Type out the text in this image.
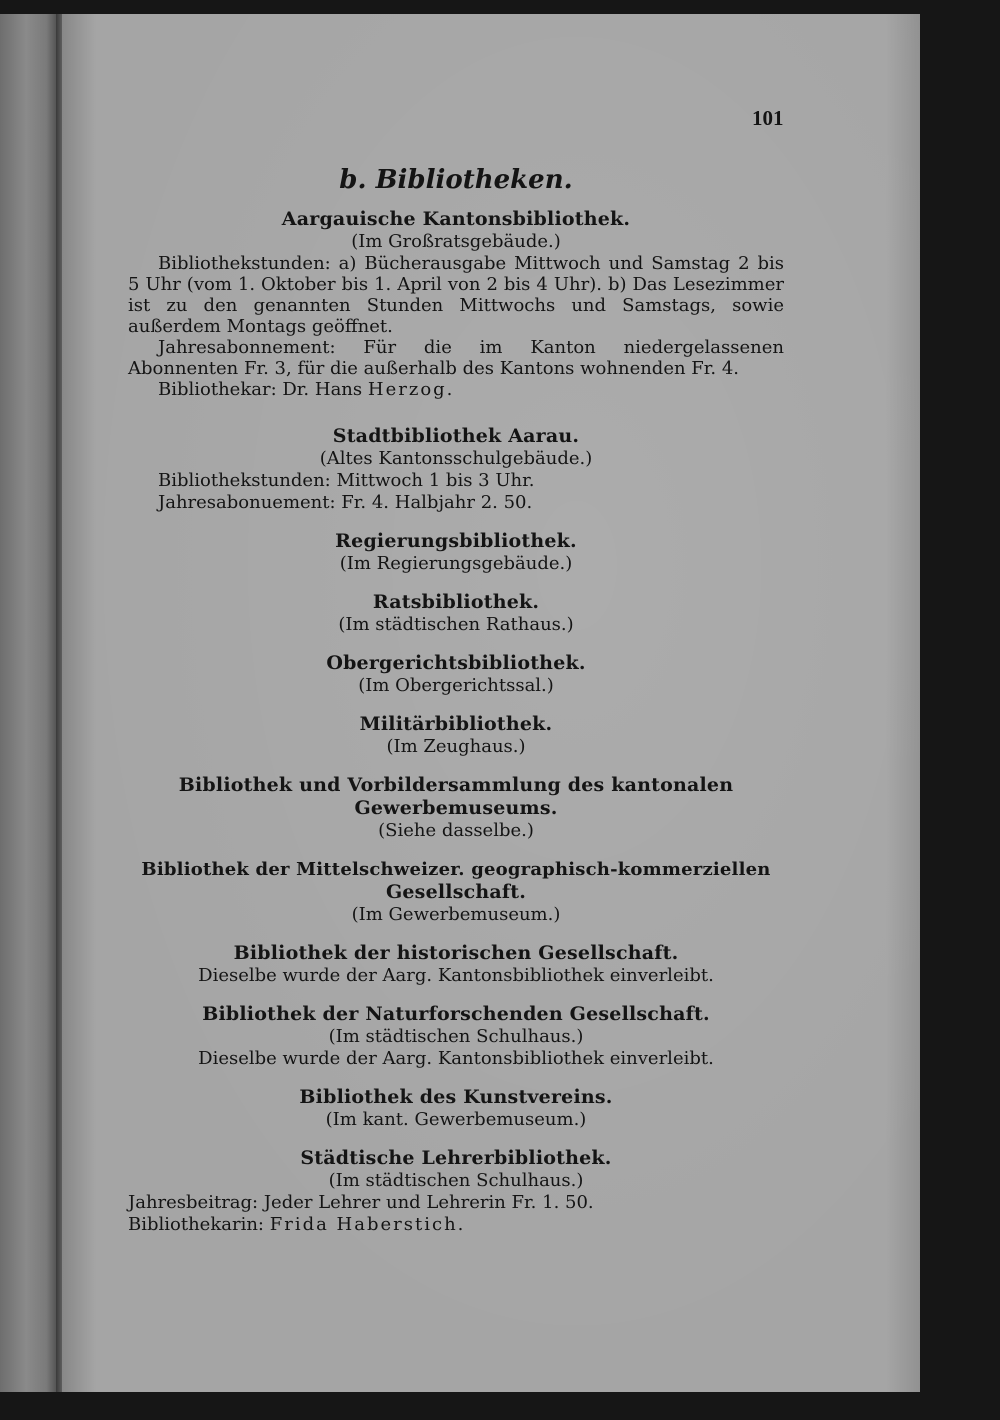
101
b. Bibliotheken.
Aargauische Kantonsbibliothek.
(Im Großratsgebäude.)
Bibliothekstunden: a) Bücherausgabe Mittwoch und Samstag 2 bis 5 Uhr (vom 1. Oktober bis 1. April von 2 bis 4 Uhr). b) Das Lesezimmer ist zu den genannten Stunden Mittwochs und Samstags, sowie außerdem Montags geöffnet.
Jahresabonnement: Für die im Kanton niedergelassenen Abonnenten Fr. 3, für die außerhalb des Kantons wohnenden Fr. 4.
Bibliothekar: Dr. Hans Herzog.
Stadtbibliothek Aarau.
(Altes Kantonsschulgebäude.)
Bibliothekstunden: Mittwoch 1 bis 3 Uhr.
Jahresabonuement: Fr. 4. Halbjahr 2. 50.
Regierungsbibliothek.
(Im Regierungsgebäude.)
Ratsbibliothek.
(Im städtischen Rathaus.)
Obergerichtsbibliothek.
(Im Obergerichtssal.)
Militärbibliothek.
(Im Zeughaus.)
Bibliothek und Vorbildersammlung des kantonalen
Gewerbemuseums.
(Siehe dasselbe.)
Bibliothek der Mittelschweizer. geographisch-kommerziellen
Gesellschaft.
(Im Gewerbemuseum.)
Bibliothek der historischen Gesellschaft.
Dieselbe wurde der Aarg. Kantonsbibliothek einverleibt.
Bibliothek der Naturforschenden Gesellschaft.
(Im städtischen Schulhaus.)
Dieselbe wurde der Aarg. Kantonsbibliothek einverleibt.
Bibliothek des Kunstvereins.
(Im kant. Gewerbemuseum.)
Städtische Lehrerbibliothek.
(Im städtischen Schulhaus.)
Jahresbeitrag: Jeder Lehrer und Lehrerin Fr. 1. 50.
Bibliothekarin: Frida Haberstich.
